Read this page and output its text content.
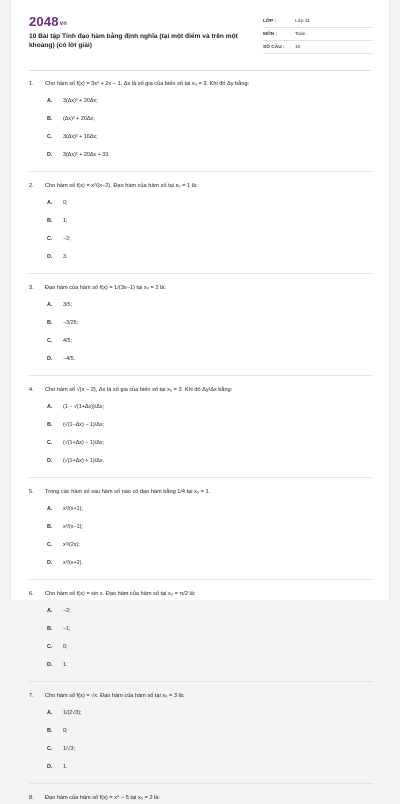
2048vn
10 Bài tập Tính đạo hàm bằng định nghĩa (tại một điểm và trên một khoảng) (có lời giải)
LỚP :	Lớp 11
MÔN :	Toán
SỐ CÂU :	10
1.	Cho hàm số f(x) = 3x² + 2x − 1, Δx là số gia của biến số tại x₀ = 3. Khi đó Δy bằng:
A.	3(Δx)² + 20Δx;
B.	(Δx)² + 20Δx;
C.	3(Δx)² + 16Δx;
D.	3(Δx)² + 20Δx + 33.
2.	Cho hàm số f(x) = x²/(x−2). Đạo hàm của hàm số tại x₀ = 1 là:
A.	0;
B.	1;
C.	−2;
D.	3.
3.	Đạo hàm của hàm số f(x) = 1/(3x−1) tại x₀ = 2 là:
A.	3/5;
B.	−3/25;
C.	4/5;
D.	−4/5.
4.	Cho hàm số √(x − 2), Δx là số gia của biến số tại x₀ = 3. Khi đó Δy/Δx bằng:
A.	(1 − √(1+Δx))/Δx;
B.	(√(1−Δx) − 1)/Δx;
C.	(√(1+Δx) − 1)/Δx;
D.	(√(1+Δx) + 1)/Δx.
5.	Trong các hàm số sau hàm số nào có đạo hàm bằng 1/4 tại x₀ = 1.
A.	x²/(x+1);
B.	x²/(x−1);
C.	x²/(2x);
D.	x²/(x+2).
6.	Cho hàm số f(x) = sin x. Đạo hàm của hàm số tại x₀ = π/2 là:
A.	−2;
B.	−1;
C.	0;
D.	1.
7.	Cho hàm số f(x) = √x. Đạo hàm của hàm số tại x₀ = 3 là:
A.	1/(2√3);
B.	0;
C.	1/√3;
D.	1.
8.	Đạo hàm của hàm số f(x) = x⁴ − 5 tại x₀ = 2 là:
